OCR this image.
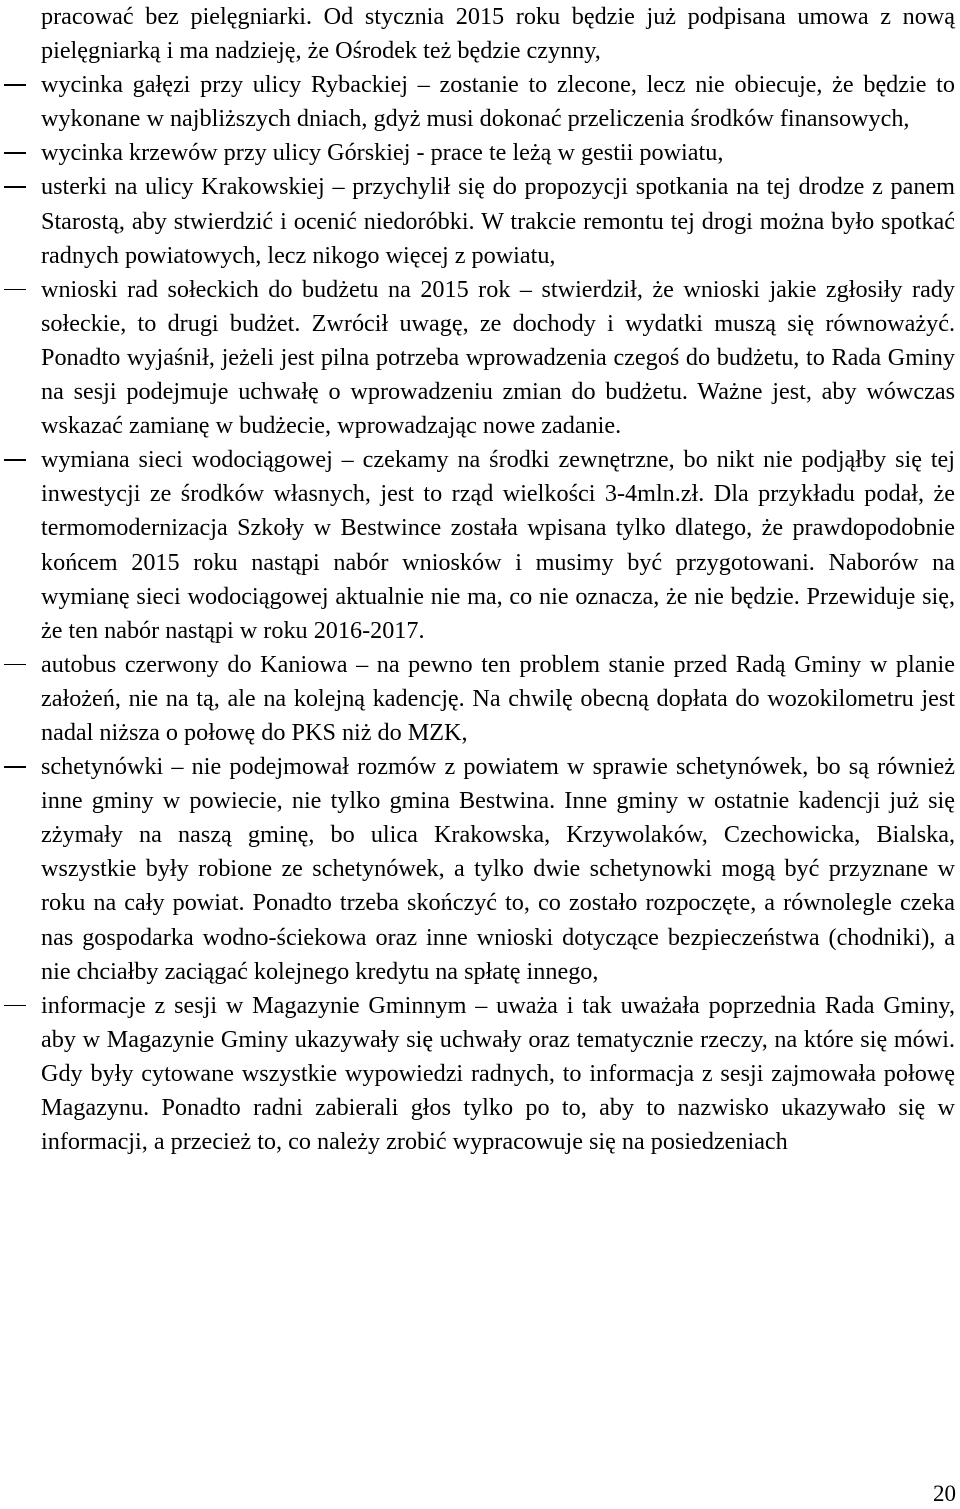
pracować bez pielęgniarki. Od stycznia 2015 roku będzie już podpisana umowa z nową pielęgniarką i ma nadzieję, że Ośrodek też będzie czynny,

wycinka gałęzi przy ulicy Rybackiej – zostanie to zlecone, lecz nie obiecuje, że będzie to wykonane w najbliższych dniach, gdyż musi dokonać przeliczenia środków finansowych,
wycinka krzewów przy ulicy Górskiej - prace te leżą w gestii powiatu,
usterki na ulicy Krakowskiej – przychylił się do propozycji spotkania na tej drodze z panem Starostą, aby stwierdzić i ocenić niedoróbki. W trakcie remontu tej drogi można było spotkać radnych powiatowych, lecz nikogo więcej z powiatu,
wnioski rad sołeckich do budżetu na 2015 rok – stwierdził, że wnioski jakie zgłosiły rady sołeckie, to drugi budżet. Zwrócił uwagę, ze dochody i wydatki muszą się równoważyć. Ponadto wyjaśnił, jeżeli jest pilna potrzeba wprowadzenia czegoś do budżetu, to Rada Gminy na sesji podejmuje uchwałę o wprowadzeniu zmian do budżetu. Ważne jest, aby wówczas wskazać zamianę w budżecie, wprowadzając nowe zadanie.
wymiana sieci wodociągowej – czekamy na środki zewnętrzne, bo nikt nie podjąłby się tej inwestycji ze środków własnych, jest to rząd wielkości 3-4mln.zł. Dla przykładu podał, że termomodernizacja Szkoły w Bestwince została wpisana tylko dlatego, że prawdopodobnie końcem 2015 roku nastąpi nabór wniosków i musimy być przygotowani. Naborów na wymianę sieci wodociągowej aktualnie nie ma, co nie oznacza, że nie będzie. Przewiduje się, że ten nabór nastąpi w roku 2016-2017.
autobus czerwony do Kaniowa – na pewno ten problem stanie przed Radą Gminy w planie założeń, nie na tą, ale na kolejną kadencję. Na chwilę obecną dopłata do wozokilometru jest nadal niższa o połowę do PKS niż do MZK,
schetynówki – nie podejmował rozmów z powiatem w sprawie schetynówek, bo są również inne gminy w powiecie, nie tylko gmina Bestwina. Inne gminy w ostatnie kadencji już się zżymały na naszą gminę, bo ulica Krakowska, Krzywolaków, Czechowicka, Bialska, wszystkie były robione ze schetynówek, a tylko dwie schetynowki mogą być przyznane w roku na cały powiat. Ponadto trzeba skończyć to, co zostało rozpoczęte, a równolegle czeka nas gospodarka wodno-ściekowa oraz inne wnioski dotyczące bezpieczeństwa (chodniki), a nie chciałby zaciągać kolejnego kredytu na spłatę innego,
informacje z sesji w Magazynie Gminnym – uważa i tak uważała poprzednia Rada Gminy, aby w Magazynie Gminy ukazywały się uchwały oraz tematycznie rzeczy, na które się mówi. Gdy były cytowane wszystkie wypowiedzi radnych, to informacja z sesji zajmowała połowę Magazynu. Ponadto radni zabierali głos tylko po to, aby to nazwisko ukazywało się w informacji, a przecież to, co należy zrobić wypracowuje się na posiedzeniach
20
